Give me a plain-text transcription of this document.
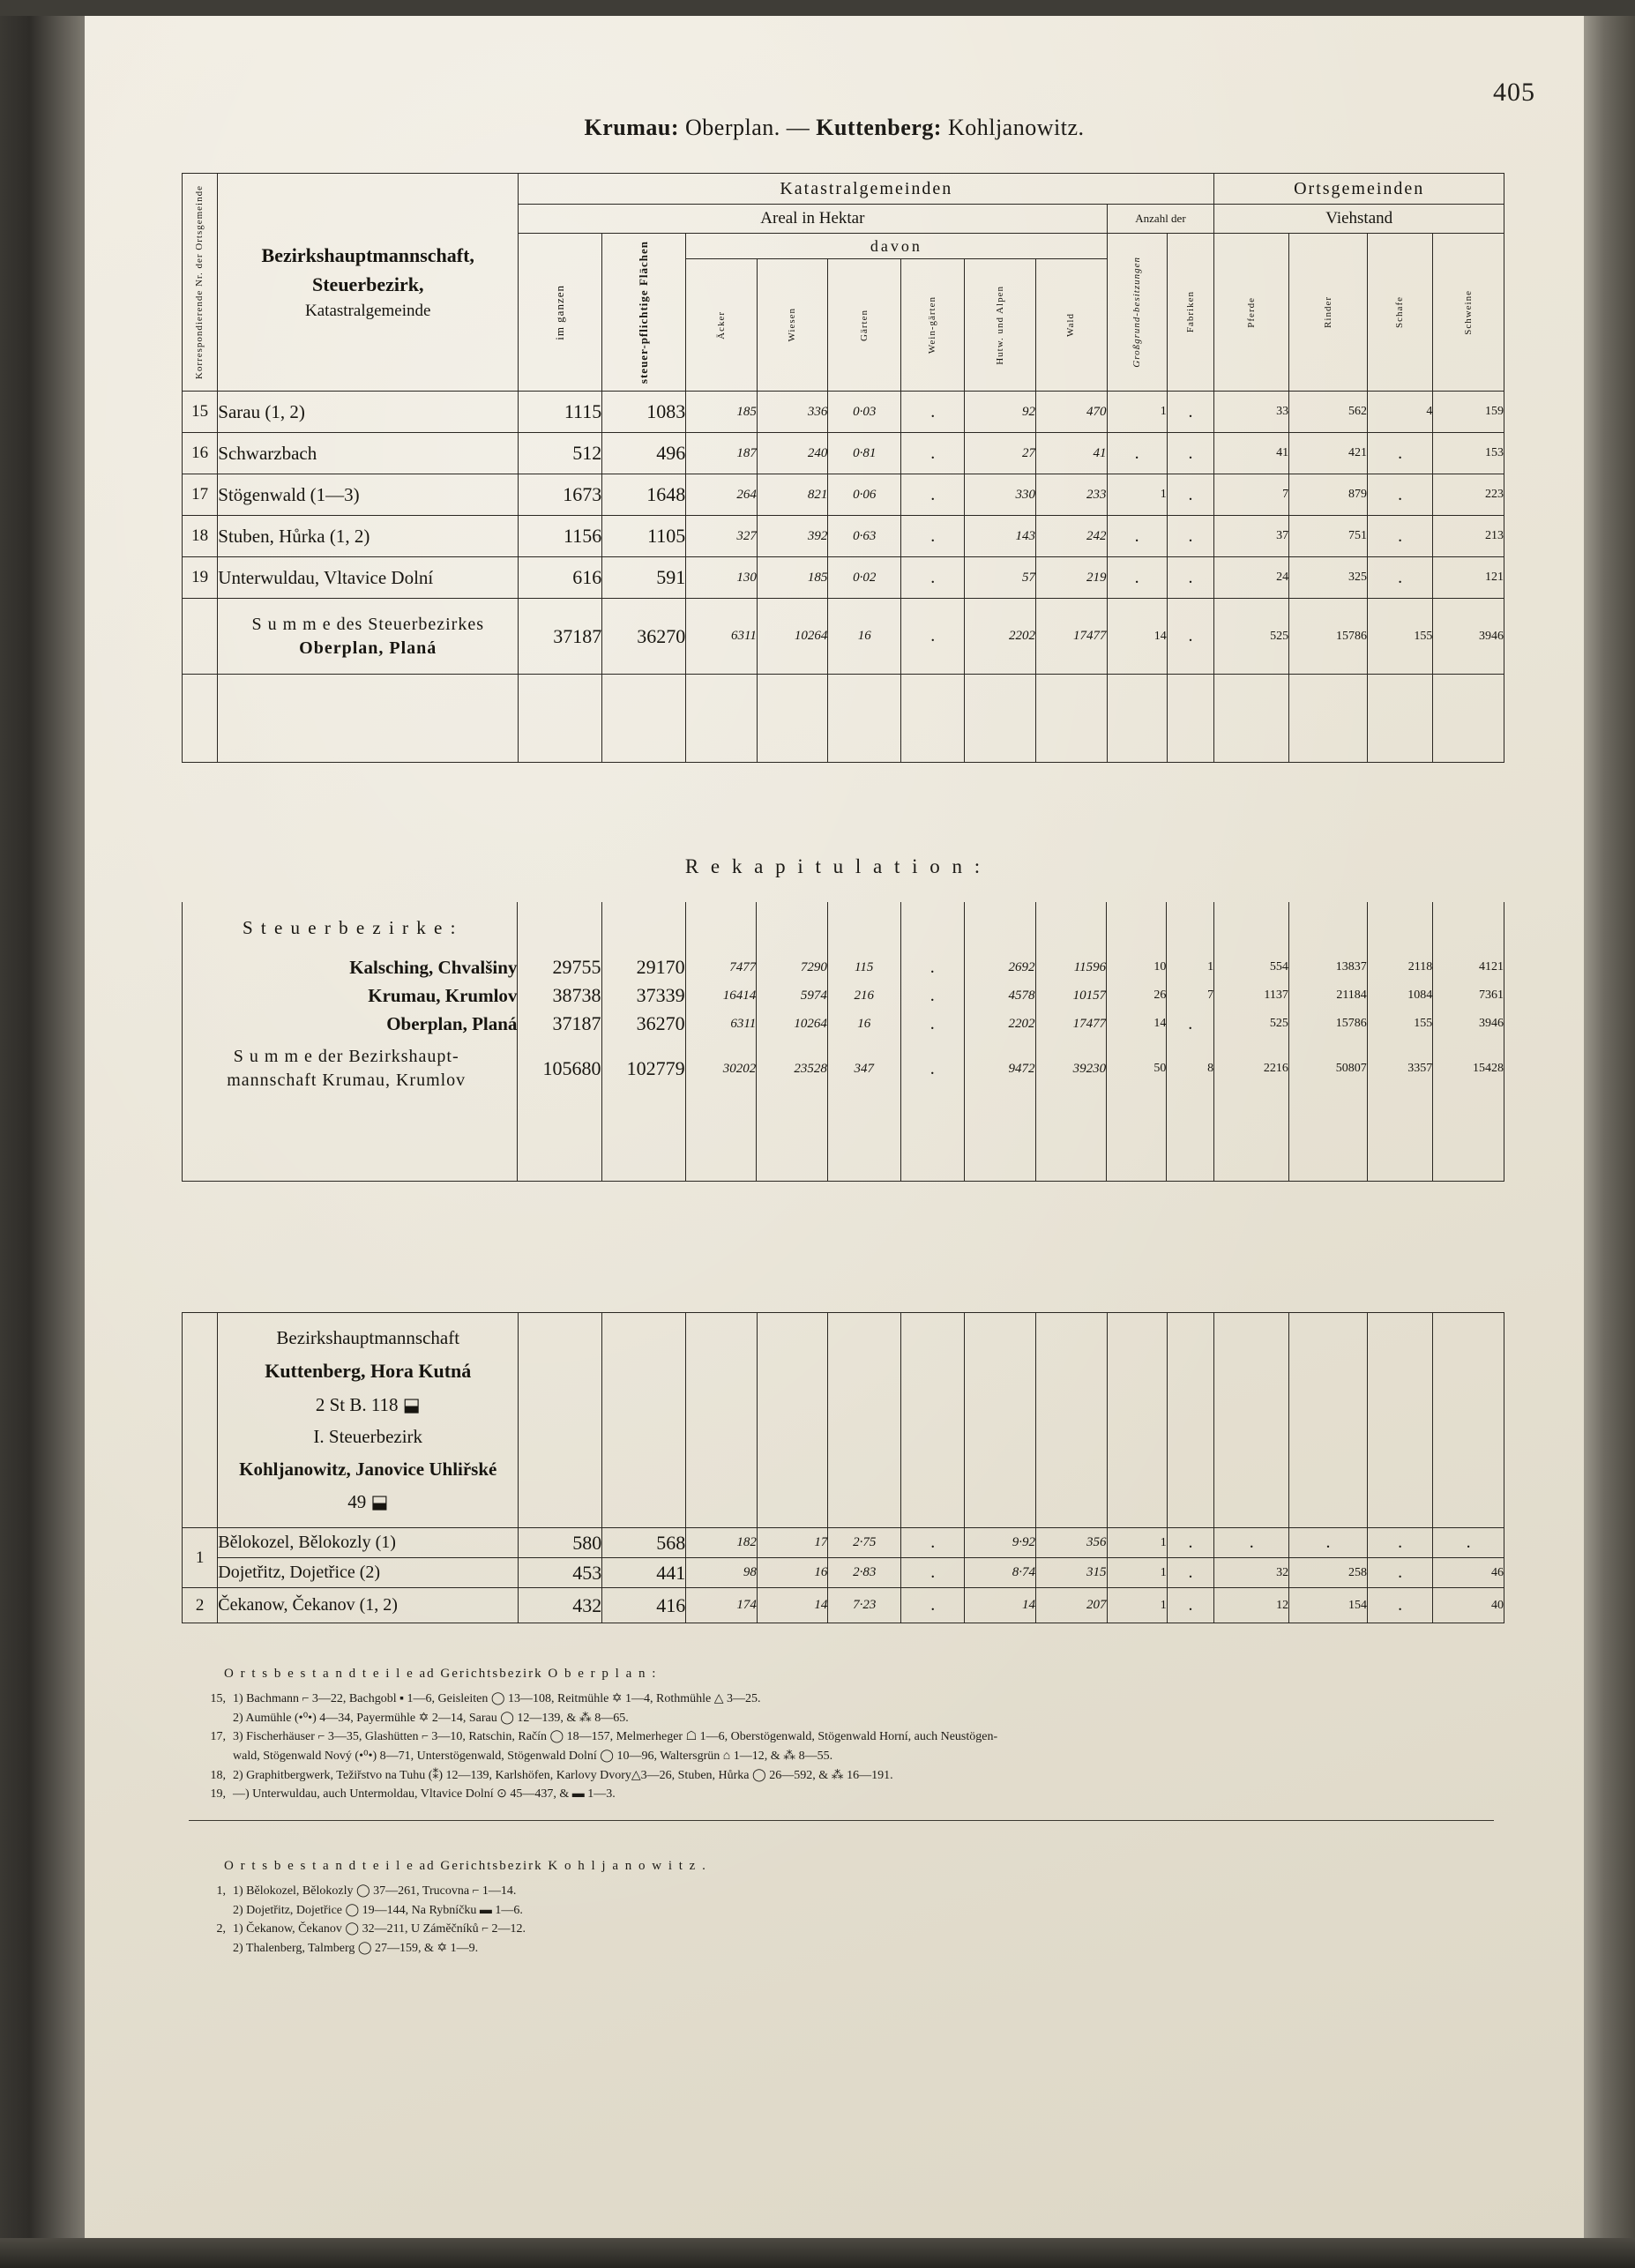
405
Krumau: Oberplan. — Kuttenberg: Kohljanowitz.
Korrespondierende Nr. der Ortsgemeinde	Bezirkshauptmannschaft,
Steuerbezirk,
Katastralgemeinde	Katastralgemeinden										Ortsgemeinden			
		Areal in Hektar								Anzahl der		Viehstand			

		im ganzen	steuer-pflichtige Flächen	davon						Großgrund-besitzungen	Fabriken	Pferde	Rinder	Schafe	Schweine

				Äcker	Wiesen	Gärten	Wein-gärten	Hutw. und Alpen	Wald						

15	Sarau (1, 2)	1115	1083	185	336	0·03	.	92	470	1	.	33	562	4	159
16	Schwarzbach	512	496	187	240	0·81	.	27	41	.	.	41	421	.	153
17	Stögenwald (1—3)	1673	1648	264	821	0·06	.	330	233	1	.	7	879	.	223
18	Stuben, Hůrka (1, 2)	1156	1105	327	392	0·63	.	143	242	.	.	37	751	.	213
19	Unterwuldau, Vltavice Dolní	616	591	130	185	0·02	.	57	219	.	.	24	325	.	121

	S u m m e des Steuerbezirkes
Oberplan, Planá	37187	36270	6311	10264	16	.	2202	17477	14	.	525	15786	155	3946

R e k a p i t u l a t i o n :
S t e u e r b e z i r k e :														
Kalsching, Chvalšiny	29755	29170	7477	7290	115	.	2692	11596	10	1	554	13837	2118	4121
Krumau, Krumlov	38738	37339	16414	5974	216	.	4578	10157	26	7	1137	21184	1084	7361
Oberplan, Planá	37187	36270	6311	10264	16	.	2202	17477	14	.	525	15786	155	3946

S u m m e der Bezirkshaupt-
mannschaft Krumau, Krumlov	105680	102779	30202	23528	347	.	9472	39230	50	8	2216	50807	3357	15428

Bezirkshauptmannschaft
Kuttenberg, Hora Kutná
2 St B. 118 ⬓
I. Steuerbezirk
Kohljanowitz, Janovice Uhliřské
49 ⬓

1	Bělokozel, Bělokozly (1)	580	568	182	17	2·75	.	9·92	356	1	.	.	.	.	.
	Dojetřitz, Dojetřice (2)	453	441	98	16	2·83	.	8·74	315	1	.	32	258	.	46
2	Čekanow, Čekanov (1, 2)	432	416	174	14	7·23	.	14	207	1	.	12	154	.	40
O r t s b e s t a n d t e i l e ad Gerichtsbezirk O b e r p l a n :
15, 1) Bachmann ⌐ 3—22, Bachgobl ▪ 1—6, Geisleiten ◯ 13—108, Reitmühle ✡ 1—4, Rothmühle △ 3—25.
2) Aumühle (•⁰•) 4—34, Payermühle ✡ 2—14, Sarau ◯ 12—139, & ⁂ 8—65.
17, 3) Fischerhäuser ⌐ 3—35, Glashütten ⌐ 3—10, Ratschin, Račín ◯ 18—157, Melmerheger ☖ 1—6, Oberstögenwald, Stögenwald Horní, auch Neustögen-
wald, Stögenwald Nový (•⁰•) 8—71, Unterstögenwald, Stögenwald Dolní ◯ 10—96, Waltersgrün ⌂ 1—12, & ⁂ 8—55.
18, 2) Graphitbergwerk, Težiřstvo na Tuhu (⁑) 12—139, Karlshöfen, Karlovy Dvory△3—26, Stuben, Hůrka ◯ 26—592, & ⁂ 16—191.
19, —) Unterwuldau, auch Untermoldau, Vltavice Dolní ⊙ 45—437, & ▬ 1—3.
O r t s b e s t a n d t e i l e ad Gerichtsbezirk K o h l j a n o w i t z .
1, 1) Bělokozel, Bělokozly ◯ 37—261, Trucovna ⌐ 1—14.
2) Dojetřitz, Dojetřice ◯ 19—144, Na Rybníčku ▬ 1—6.
2, 1) Čekanow, Čekanov ◯ 32—211, U Záměčníků ⌐ 2—12.
2) Thalenberg, Talmberg ◯ 27—159, & ✡ 1—9.
